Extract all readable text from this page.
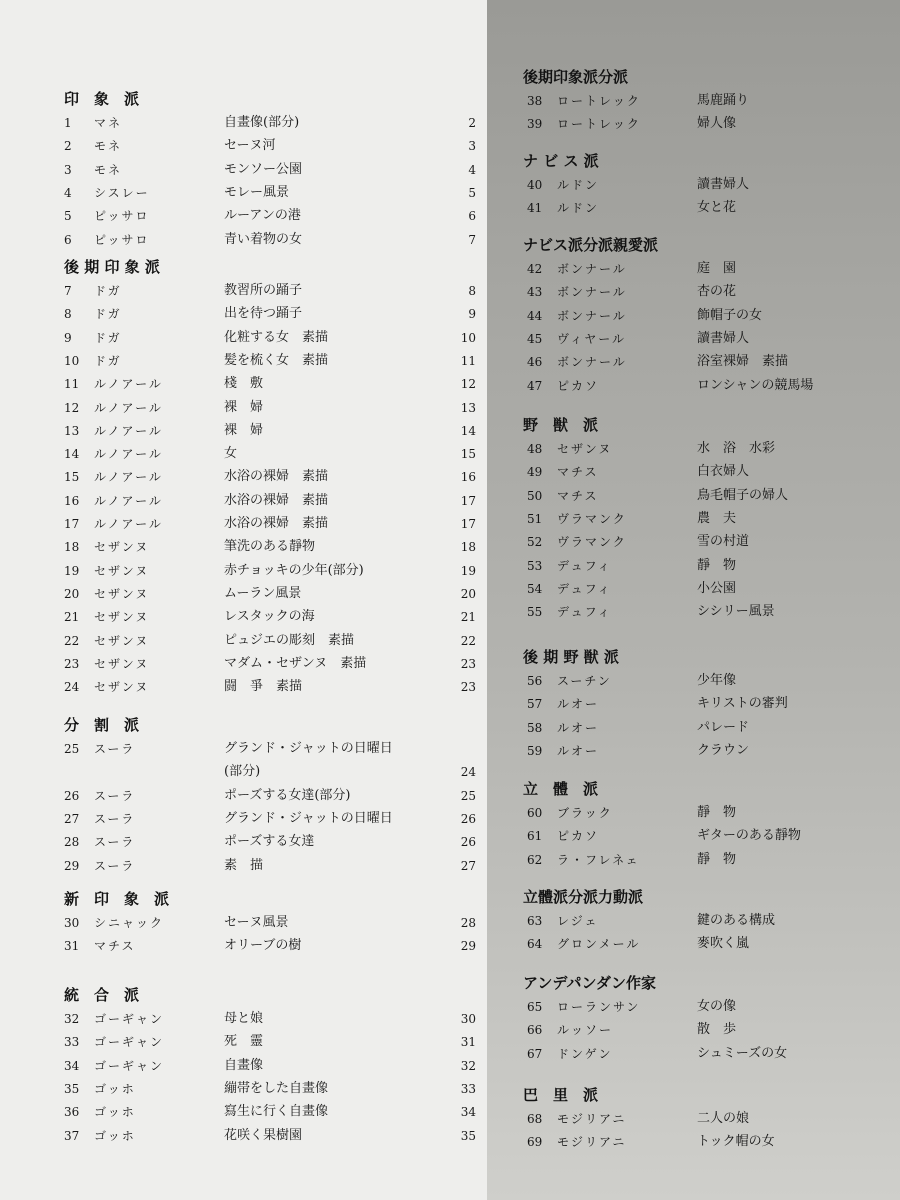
印　象　派
1	マネ	自畫像(部分)	2
2	モネ	セーヌ河	3
3	モネ	モンソー公園	4
4	シスレー	モレー風景	5
5	ピッサロ	ルーアンの港	6
6	ピッサロ	青い着物の女	7
後 期 印 象 派
7	ドガ	教習所の踊子	8
8	ドガ	出を待つ踊子	9
9	ドガ	化粧する女　素描	10
10	ドガ	髪を梳く女　素描	11
11	ルノアール	棧　敷	12
12	ルノアール	裸　婦	13
13	ルノアール	裸　婦	14
14	ルノアール	女	15
15	ルノアール	水浴の裸婦　素描	16
16	ルノアール	水浴の裸婦　素描	17
17	ルノアール	水浴の裸婦　素描	17
18	セザンヌ	筆洗のある靜物	18
19	セザンヌ	赤チョッキの少年(部分)	19
20	セザンヌ	ムーラン風景	20
21	セザンヌ	レスタックの海	21
22	セザンヌ	ピュジエの彫刻　素描	22
23	セザンヌ	マダム・セザンヌ　素描	23
24	セザンヌ	闘　爭　素描	23
分　割　派
25	スーラ	グランド・ジャットの日曜日
(部分)	24
26	スーラ	ポーズする女達(部分)	25
27	スーラ	グランド・ジャットの日曜日	26
28	スーラ	ポーズする女達	26
29	スーラ	素　描	27
新　印　象　派
30	シニャック	セーヌ風景	28
31	マチス	オリーブの樹	29
統　合　派
32	ゴーギャン	母と娘	30
33	ゴーギャン	死　靈	31
34	ゴーギャン	自畫像	32
35	ゴッホ	繃帯をした自畫像	33
36	ゴッホ	寫生に行く自畫像	34
37	ゴッホ	花咲く果樹園	35
後期印象派分派
38	ロートレック	馬鹿踊り
39	ロートレック	婦人像
ナ ビ ス 派
40	ルドン	讀書婦人
41	ルドン	女と花
ナビス派分派親愛派
42	ボンナール	庭　園
43	ボンナール	杏の花
44	ボンナール	飾帽子の女
45	ヴィヤール	讀書婦人
46	ボンナール	浴室裸婦　素描
47	ピカソ	ロンシャンの競馬場
野　獣　派
48	セザンヌ	水　浴　水彩
49	マチス	白衣婦人
50	マチス	鳥毛帽子の婦人
51	ヴラマンク	農　夫
52	ヴラマンク	雪の村道
53	デュフィ	靜　物
54	デュフィ	小公園
55	デュフィ	シシリー風景
後 期 野 獣 派
56	スーチン	少年像
57	ルオー	キリストの審判
58	ルオー	パレード
59	ルオー	クラウン
立　體　派
60	ブラック	靜　物
61	ピカソ	ギターのある靜物
62	ラ・フレネェ	靜　物
立體派分派力動派
63	レジェ	鍵のある構成
64	グロンメール	麥吹く嵐
アンデパンダン作家
65	ローランサン	女の像
66	ルッソー	散　歩
67	ドンゲン	シュミーズの女
巴　里　派
68	モジリアニ	二人の娘
69	モジリアニ	トック帽の女
